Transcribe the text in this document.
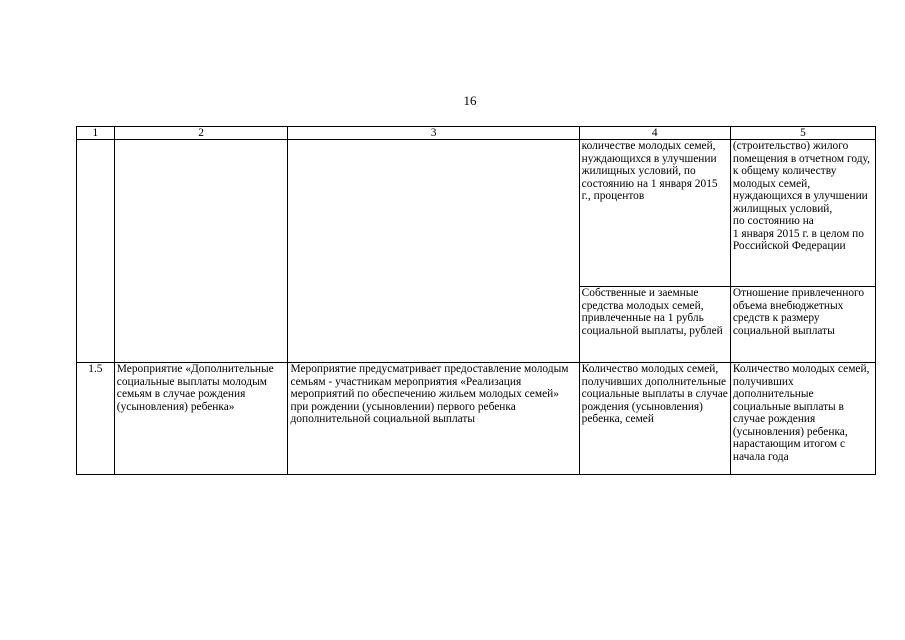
16
1	2	3	4	5
			количестве молодых семей, нуждающихся в улучшении жилищных условий, по состоянию на 1 января 2015 г., процентов	(строительство) жилого помещения в отчетном году, к общему количеству молодых семей, нуждающихся в улучшении жилищных условий,
по состоянию на
1 января 2015 г. в целом по Российской Федерации
			Собственные и заемные средства молодых семей, привлеченные на 1 рубль социальной выплаты, рублей	Отношение привлеченного объема внебюджетных средств к размеру социальной выплаты
1.5	Мероприятие «Дополнительные социальные выплаты молодым семьям в случае рождения (усыновления) ребенка»	Мероприятие предусматривает предоставление молодым семьям - участникам мероприятия «Реализация мероприятий по обеспечению жильем молодых семей» при рождении (усыновлении) первого ребенка дополнительной социальной выплаты	Количество молодых семей, получивших дополнительные социальные выплаты в случае рождения (усыновления) ребенка, семей	Количество молодых семей, получивших дополнительные социальные выплаты в случае рождения (усыновления) ребенка, нарастающим итогом с начала года
